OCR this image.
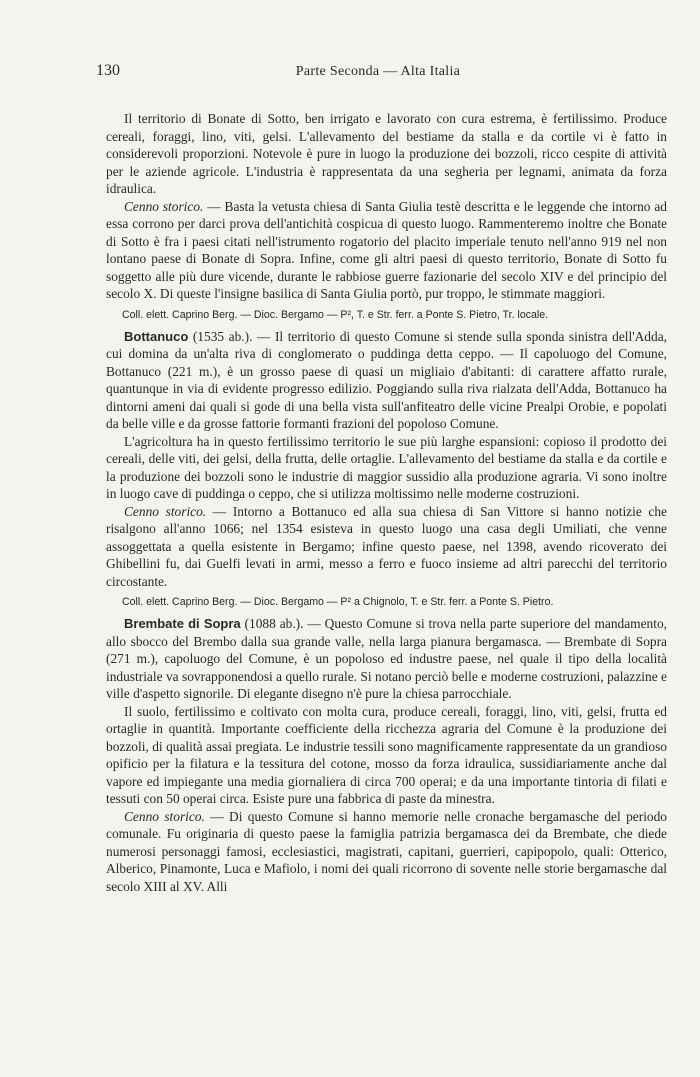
130	Parte Seconda — Alta Italia

Il territorio di Bonate di Sotto, ben irrigato e lavorato con cura estrema, è fertilissimo. Produce cereali, foraggi, lino, viti, gelsi. L'allevamento del bestiame da stalla e da cortile vi è fatto in considerevoli proporzioni. Notevole è pure in luogo la produzione dei bozzoli, ricco cespite di attività per le aziende agricole. L'industria è rappresentata da una segheria per legnami, animata da forza idraulica.

Cenno storico. — Basta la vetusta chiesa di Santa Giulia testè descritta e le leggende che intorno ad essa corrono per darci prova dell'antichità cospicua di questo luogo. Rammenteremo inoltre che Bonate di Sotto è fra i paesi citati nell'istrumento rogatorio del placito imperiale tenuto nell'anno 919 nel non lontano paese di Bonate di Sopra. Infine, come gli altri paesi di questo territorio, Bonate di Sotto fu soggetto alle più dure vicende, durante le rabbiose guerre fazionarie del secolo XIV e del principio del secolo X. Di queste l'insigne basilica di Santa Giulia portò, pur troppo, le stimmate maggiori.

Coll. elett. Caprino Berg. — Dioc. Bergamo — P², T. e Str. ferr. a Ponte S. Pietro, Tr. locale.

Bottanuco (1535 ab.). — Il territorio di questo Comune si stende sulla sponda sinistra dell'Adda, cui domina da un'alta riva di conglomerato o puddinga detta ceppo. — Il capoluogo del Comune, Bottanuco (221 m.), è un grosso paese di quasi un migliaio d'abitanti: di carattere affatto rurale, quantunque in via di evidente progresso edilizio. Poggiando sulla riva rialzata dell'Adda, Bottanuco ha dintorni ameni dai quali si gode di una bella vista sull'anfiteatro delle vicine Prealpi Orobie, e popolati da belle ville e da grosse fattorie formanti frazioni del popoloso Comune.

L'agricoltura ha in questo fertilissimo territorio le sue più larghe espansioni: copioso il prodotto dei cereali, delle viti, dei gelsi, della frutta, delle ortaglie. L'allevamento del bestiame da stalla e da cortile e la produzione dei bozzoli sono le industrie di maggior sussidio alla produzione agraria. Vi sono inoltre in luogo cave di puddinga o ceppo, che si utilizza moltissimo nelle moderne costruzioni.

Cenno storico. — Intorno a Bottanuco ed alla sua chiesa di San Vittore si hanno notizie che risalgono all'anno 1066; nel 1354 esisteva in questo luogo una casa degli Umiliati, che venne assoggettata a quella esistente in Bergamo; infine questo paese, nel 1398, avendo ricoverato dei Ghibellini fu, dai Guelfi levati in armi, messo a ferro e fuoco insieme ad altri parecchi del territorio circostante.

Coll. elett. Caprino Berg. — Dioc. Bergamo — P² a Chignolo, T. e Str. ferr. a Ponte S. Pietro.

Brembate di Sopra (1088 ab.). — Questo Comune si trova nella parte superiore del mandamento, allo sbocco del Brembo dalla sua grande valle, nella larga pianura bergamasca. — Brembate di Sopra (271 m.), capoluogo del Comune, è un popoloso ed industre paese, nel quale il tipo della località industriale va sovrapponendosi a quello rurale. Si notano perciò belle e moderne costruzioni, palazzine e ville d'aspetto signorile. Di elegante disegno n'è pure la chiesa parrocchiale.

Il suolo, fertilissimo e coltivato con molta cura, produce cereali, foraggi, lino, viti, gelsi, frutta ed ortaglie in quantità. Importante coefficiente della ricchezza agraria del Comune è la produzione dei bozzoli, di qualità assai pregiata. Le industrie tessili sono magnificamente rappresentate da un grandioso opificio per la filatura e la tessitura del cotone, mosso da forza idraulica, sussidiariamente anche dal vapore ed impiegante una media giornaliera di circa 700 operai; e da una importante tintoria di filati e tessuti con 50 operai circa. Esiste pure una fabbrica di paste da minestra.

Cenno storico. — Di questo Comune si hanno memorie nelle cronache bergamasche del periodo comunale. Fu originaria di questo paese la famiglia patrizia bergamasca dei da Brembate, che diede numerosi personaggi famosi, ecclesiastici, magistrati, capitani, guerrieri, capipopolo, quali: Otterico, Alberico, Pinamonte, Luca e Mafiolo, i nomi dei quali ricorrono di sovente nelle storie bergamasche dal secolo XIII al XV. Alli
